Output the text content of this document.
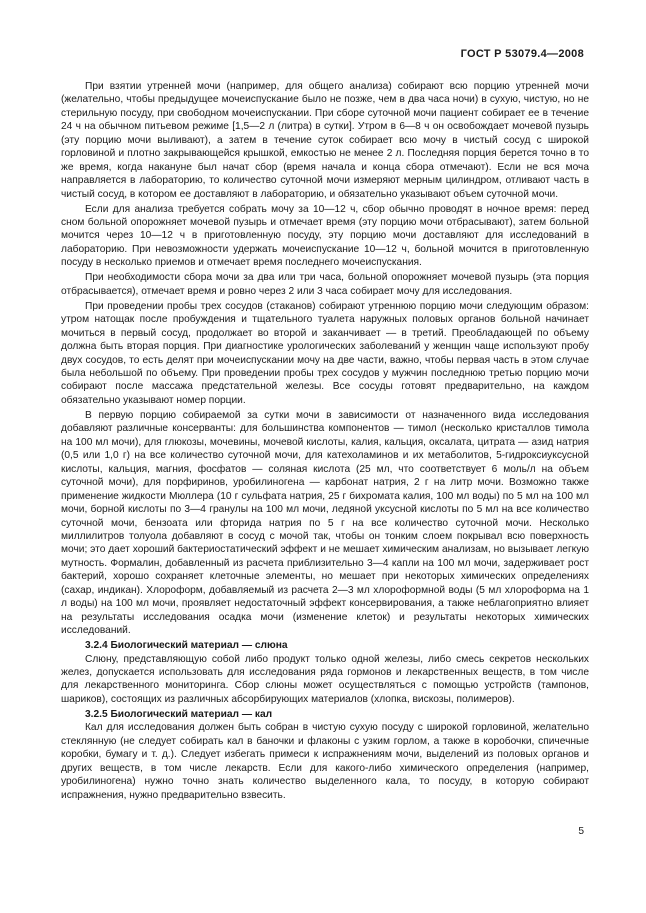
ГОСТ Р 53079.4—2008

При взятии утренней мочи (например, для общего анализа) собирают всю порцию утренней мочи (желательно, чтобы предыдущее мочеиспускание было не позже, чем в два часа ночи) в сухую, чистую, но не стерильную посуду, при свободном мочеиспускании. При сборе суточной мочи пациент собирает ее в течение 24 ч на обычном питьевом режиме [1,5—2 л (литра) в сутки]. Утром в 6—8 ч он освобождает мочевой пузырь (эту порцию мочи выливают), а затем в течение суток собирает всю мочу в чистый сосуд с широкой горловиной и плотно закрывающейся крышкой, емкостью не менее 2 л. Последняя порция берется точно в то же время, когда накануне был начат сбор (время начала и конца сбора отмечают). Если не вся моча направляется в лабораторию, то количество суточной мочи измеряют мерным цилиндром, отливают часть в чистый сосуд, в котором ее доставляют в лабораторию, и обязательно указывают объем суточной мочи.

Если для анализа требуется собрать мочу за 10—12 ч, сбор обычно проводят в ночное время: перед сном больной опорожняет мочевой пузырь и отмечает время (эту порцию мочи отбрасывают), затем больной мочится через 10—12 ч в приготовленную посуду, эту порцию мочи доставляют для исследований в лабораторию. При невозможности удержать мочеиспускание 10—12 ч, больной мочится в приготовленную посуду в несколько приемов и отмечает время последнего мочеиспускания.

При необходимости сбора мочи за два или три часа, больной опорожняет мочевой пузырь (эта порция отбрасывается), отмечает время и ровно через 2 или 3 часа собирает мочу для исследования.

При проведении пробы трех сосудов (стаканов) собирают утреннюю порцию мочи следующим образом: утром натощак после пробуждения и тщательного туалета наружных половых органов больной начинает мочиться в первый сосуд, продолжает во второй и заканчивает — в третий. Преобладающей по объему должна быть вторая порция. При диагностике урологических заболеваний у женщин чаще используют пробу двух сосудов, то есть делят при мочеиспускании мочу на две части, важно, чтобы первая часть в этом случае была небольшой по объему. При проведении пробы трех сосудов у мужчин последнюю третью порцию мочи собирают после массажа предстательной железы. Все сосуды готовят предварительно, на каждом обязательно указывают номер порции.

В первую порцию собираемой за сутки мочи в зависимости от назначенного вида исследования добавляют различные консерванты: для большинства компонентов — тимол (несколько кристаллов тимола на 100 мл мочи), для глюкозы, мочевины, мочевой кислоты, калия, кальция, оксалата, цитрата — азид натрия (0,5 или 1,0 г) на все количество суточной мочи, для катехоламинов и их метаболитов, 5-гидроксиуксусной кислоты, кальция, магния, фосфатов — соляная кислота (25 мл, что соответствует 6 моль/л на объем суточной мочи), для порфиринов, уробилиногена — карбонат натрия, 2 г на литр мочи. Возможно также применение жидкости Мюллера (10 г сульфата натрия, 25 г бихромата калия, 100 мл воды) по 5 мл на 100 мл мочи, борной кислоты по 3—4 гранулы на 100 мл мочи, ледяной уксусной кислоты по 5 мл на все количество суточной мочи, бензоата или фторида натрия по 5 г на все количество суточной мочи. Несколько миллилитров толуола добавляют в сосуд с мочой так, чтобы он тонким слоем покрывал всю поверхность мочи; это дает хороший бактериостатический эффект и не мешает химическим анализам, но вызывает легкую мутность. Формалин, добавленный из расчета приблизительно 3—4 капли на 100 мл мочи, задерживает рост бактерий, хорошо сохраняет клеточные элементы, но мешает при некоторых химических определениях (сахар, индикан). Хлороформ, добавляемый из расчета 2—3 мл хлороформной воды (5 мл хлороформа на 1 л воды) на 100 мл мочи, проявляет недостаточный эффект консервирования, а также неблагоприятно влияет на результаты исследования осадка мочи (изменение клеток) и результаты некоторых химических исследований.

3.2.4 Биологический материал — слюна

Слюну, представляющую собой либо продукт только одной железы, либо смесь секретов нескольких желез, допускается использовать для исследования ряда гормонов и лекарственных веществ, в том числе для лекарственного мониторинга. Сбор слюны может осуществляться с помощью устройств (тампонов, шариков), состоящих из различных абсорбирующих материалов (хлопка, вискозы, полимеров).

3.2.5 Биологический материал — кал

Кал для исследования должен быть собран в чистую сухую посуду с широкой горловиной, желательно стеклянную (не следует собирать кал в баночки и флаконы с узким горлом, а также в коробочки, спичечные коробки, бумагу и т. д.). Следует избегать примеси к испражнениям мочи, выделений из половых органов и других веществ, в том числе лекарств. Если для какого-либо химического определения (например, уробилиногена) нужно точно знать количество выделенного кала, то посуду, в которую собирают испражнения, нужно предварительно взвесить.

5
